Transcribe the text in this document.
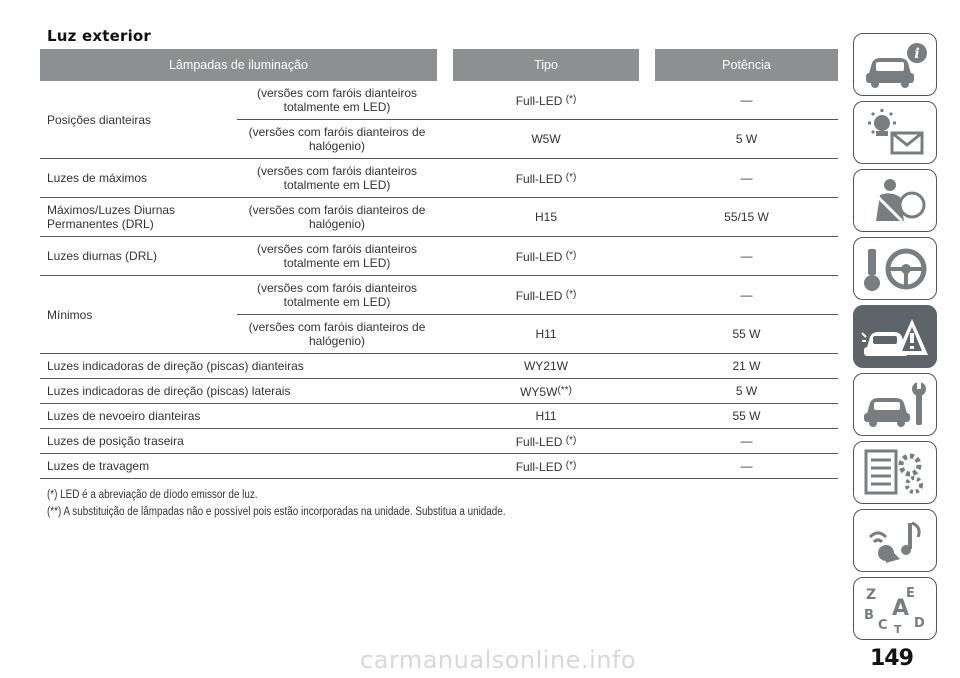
Luz exterior
Lâmpadas de iluminação			Tipo		Potência
Posições dianteiras	(versões com faróis dianteiros totalmente em LED)		Full-LED (*)		—
	(versões com faróis dianteiros de halógenio)		W5W		5 W
Luzes de máximos	(versões com faróis dianteiros totalmente em LED)		Full-LED (*)		—
Máximos/Luzes Diurnas Permanentes (DRL)	(versões com faróis dianteiros de halógenio)		H15		55/15 W
Luzes diurnas (DRL)	(versões com faróis dianteiros totalmente em LED)		Full-LED (*)		—
Mínimos	(versões com faróis dianteiros totalmente em LED)		Full-LED (*)		—
	(versões com faróis dianteiros de halógenio)		H11		55 W
Luzes indicadoras de direção (piscas) dianteiras			WY21W		21 W
Luzes indicadoras de direção (piscas) laterais			WY5W(**)		5 W
Luzes de nevoeiro dianteiras			H11		55 W
Luzes de posição traseira			Full-LED (*)		—
Luzes de travagem			Full-LED (*)		—
(*) LED é a abreviação de díodo emissor de luz.
(**) A substituição de lâmpadas não e possível pois estão incorporadas na unidade. Substitua a unidade.
i
Z E
B A
C D
T
carmanualsonline.info	149
